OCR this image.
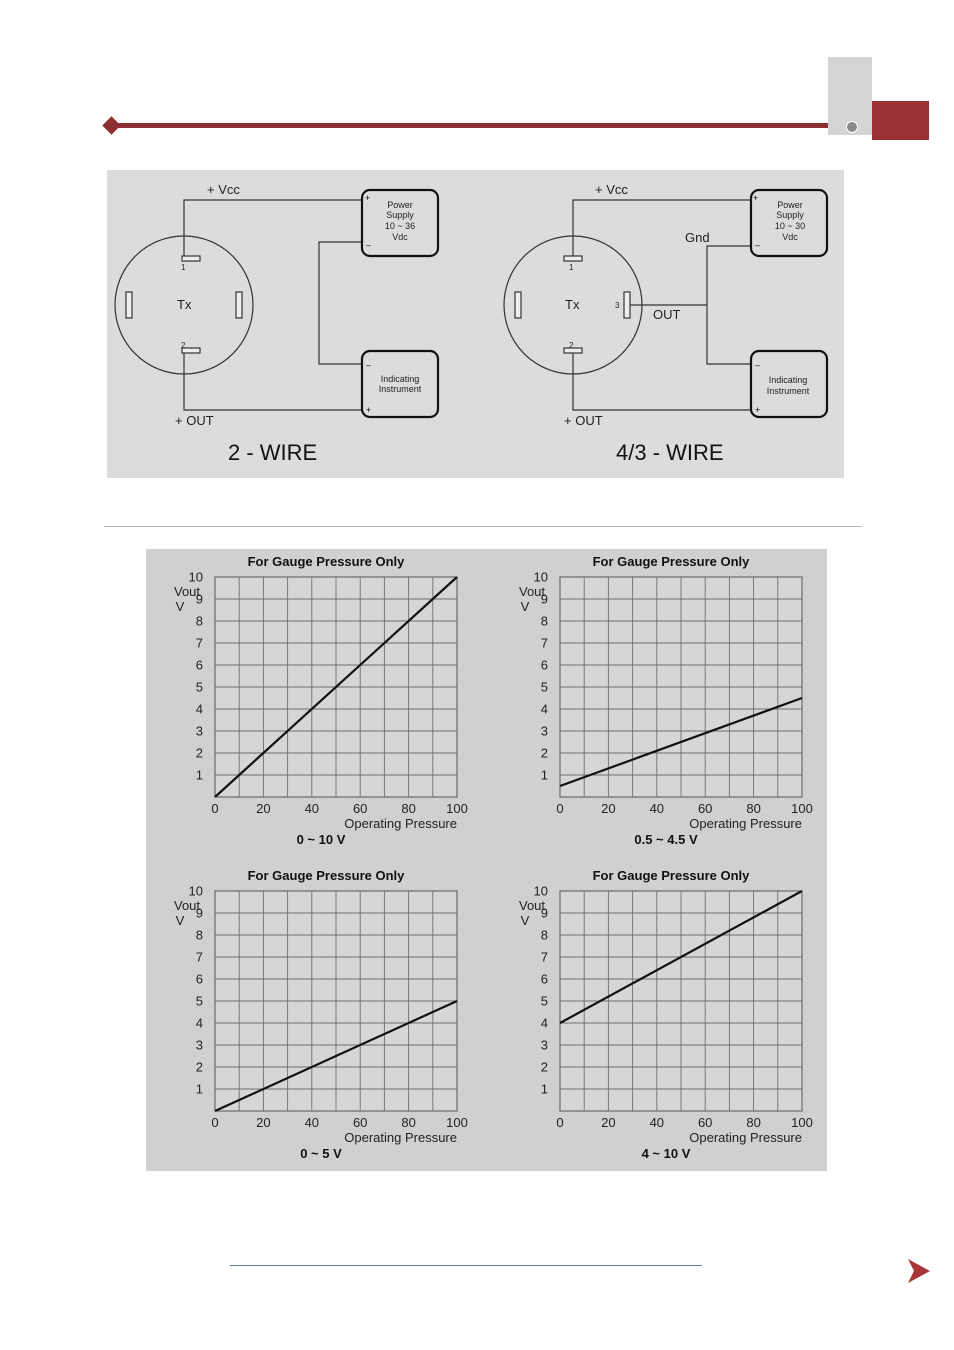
+ Vcc
+ OUT
Tx
1
2
+ Vcc
+ OUT
Gnd
OUT
Tx
1
2
3
Power
Supply
10 ~ 36
Vdc
Indicating
Instrument
Power
Supply
10 ~ 30
Vdc
Indicating
Instrument
+
–
–
+
+
–
–
+
2 - WIRE	4/3 - WIRE
0	20	40	60	80 100
1
2
3
4
5
6
7
8
9
10
For Gauge Pressure Only
Vout
V
Operating Pressure
0 ~ 10 V
0	20	40	60	80 100
1
2
3
4
5
6
7
8
9
10
For Gauge Pressure Only
Vout
V
Operating Pressure
0.5 ~ 4.5 V
0	20	40	60	80 100
1
2
3
4
5
6
7
8
9
10
For Gauge Pressure Only
Vout
V
Operating Pressure
0 ~ 5 V
0	20	40	60	80 100
1
2
3
4
5
6
7
8
9
10
For Gauge Pressure Only
Vout
V
Operating Pressure
4 ~ 10 V
